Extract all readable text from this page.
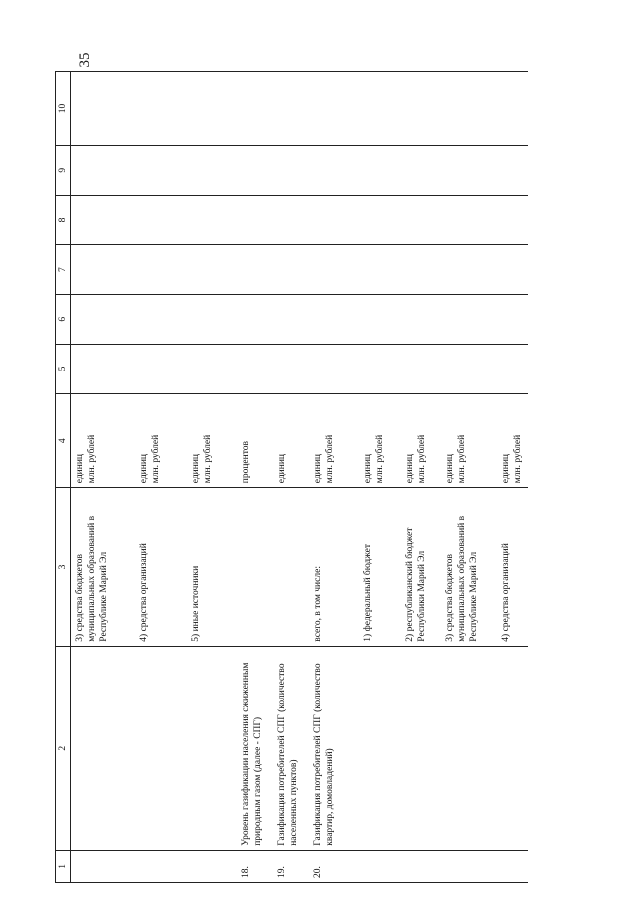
35
1	2	3	4	5	6	7	8	9	10
		3) средства бюджетов муниципальных образований в Республике Марий Эл	единиц
млн. рублей						

		4) средства организаций	единиц
млн. рублей						

		5) иные источники	единиц
млн. рублей						

18.	Уровень газификации населения сжиженным природным газом (далее - СПГ)		процентов						

19.	Газификация потребителей СПГ (количество населенных пунктов)		единиц						

20.	Газификация потребителей СПГ (количество квартир, домовладений)	всего, в том числе:	единиц
млн. рублей						

		1) федеральный бюджет	единиц
млн. рублей						

		2) республиканский бюджет Республики Марий Эл	единиц
млн. рублей						

		3) средства бюджетов муниципальных образований в Республике Марий Эл	единиц
млн. рублей						

		4) средства организаций	единиц
млн. рублей						
